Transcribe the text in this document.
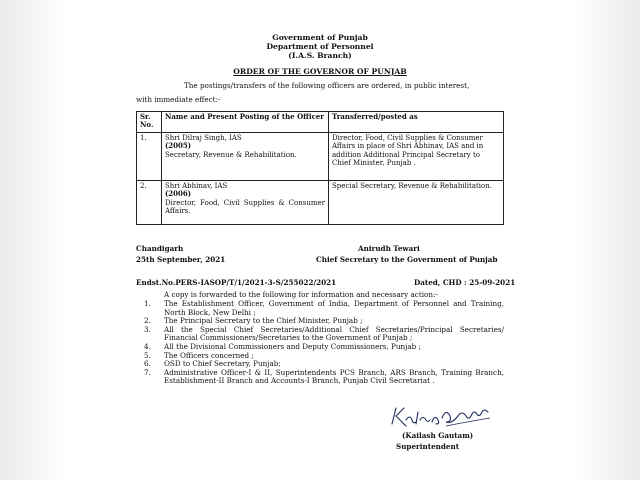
Government of Punjab
Department of Personnel
(I.A.S. Branch)
ORDER OF THE GOVERNOR OF PUNJAB
The postings/transfers of the following officers are ordered, in public interest,
with immediate effect:-
Sr. No.	Name and Present Posting of the Officer	Transferred/posted as
1.	Shri Dilraj Singh, IAS
(2005)
Secretary, Revenue & Rehabilitation.	Director, Food, Civil Supplies & Consumer Affairs in place of Shri Abhinav, IAS and in addition Additional Principal Secretary to Chief Minister, Punjab .
2.	Shri Abhinav, IAS
(2006)
Director, Food, Civil Supplies & Consumer Affairs.	Special Secretary, Revenue & Rehabilitation.
Chandigarh
25th September, 2021
Anirudh Tewari
Chief Secretary to the Government of Punjab
Endst.No.PERS-IASOP/T/1/2021-3-S/255022/2021	Dated, CHD : 25-09-2021
A copy is forwarded to the following for information and necessary action:-
1.	The Establishment Officer, Government of India, Department of Personnel and Training, North Block, New Delhi ;
2.	The Principal Secretary to the Chief Minister, Punjab ;
3.	All the Special Chief Secretaries/Additional Chief Secretaries/Principal Secretaries/ Financial Commissioners/Secretaries to the Government of Punjab ;
4.	All the Divisional Commissioners and Deputy Commissioners, Punjab ;
5.	The Officers concerned ;
6.	OSD to Chief Secretary, Punjab;
7.	Administrative Officer-I & II, Superintendents PCS Branch, ARS Branch, Training Branch, Establishment-II Branch and Accounts-I Branch, Punjab Civil Secretariat .
(Kailash Gautam)
Superintendent
